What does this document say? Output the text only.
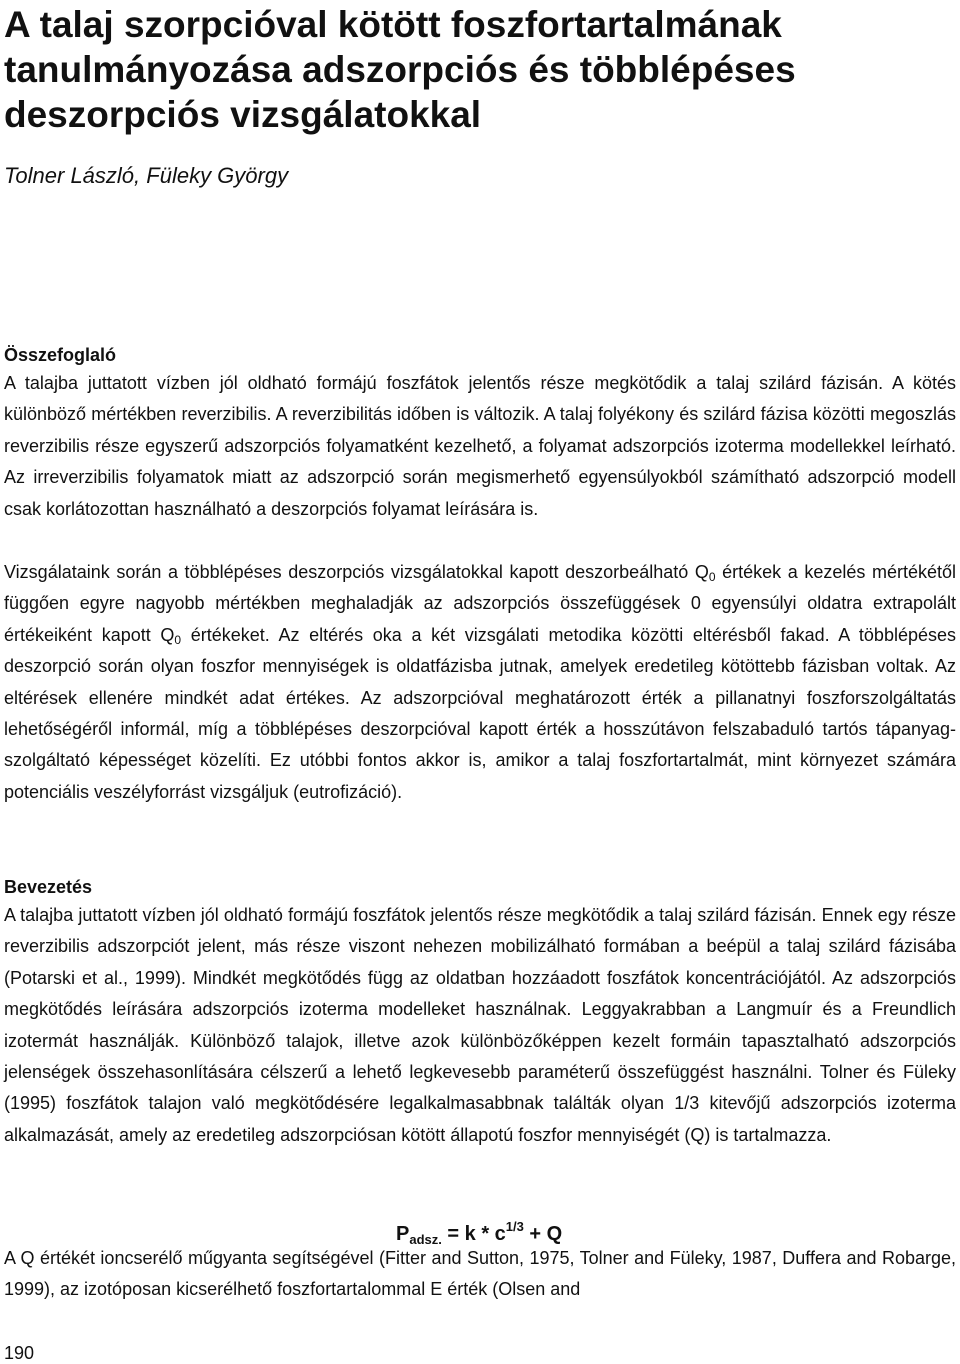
A talaj szorpcióval kötött foszfortartalmának tanulmányozása adszorpciós és többlépéses deszorpciós vizsgálatokkal
Tolner László, Füleky György
Összefoglaló

A talajba juttatott vízben jól oldható formájú foszfátok jelentős része megkötődik a talaj szilárd fázisán. A kötés különböző mértékben reverzibilis. A reverzibilitás időben is változik. A talaj folyékony és szilárd fázisa közötti megoszlás reverzibilis része egyszerű adszorpciós folyamatként kezelhető, a folyamat adszorpciós izoterma modellekkel leírható. Az irreverzibilis folyamatok miatt az adszorpció során megismerhető egyensúlyokból számítható adszorpció modell csak korlátozottan használható a deszorpciós folyamat leírására is.

Vizsgálataink során a többlépéses deszorpciós vizsgálatokkal kapott deszorbeálható $Q_0$ értékek a kezelés mértékétől függően egyre nagyobb mértékben meghaladják az adszorpciós összefüggések 0 egyensúlyi oldatra extrapolált értékeiként kapott $Q_0$ értékeket. Az eltérés oka a két vizsgálati metodika közötti eltérésből fakad. A többlépéses deszorpció során olyan foszfor mennyiségek is oldatfázisba jutnak, amelyek eredetileg kötöttebb fázisban voltak. Az eltérések ellenére mindkét adat értékes. Az adszorpcióval meghatározott érték a pillanatnyi foszforszolgáltatás lehetőségéről informál, míg a többlépéses deszorpcióval kapott érték a hosszútávon felszabaduló tartós tápanyag-szolgáltató képességet közelíti. Ez utóbbi fontos akkor is, amikor a talaj foszfortartalmát, mint környezet számára potenciális veszélyforrást vizsgáljuk (eutrofizáció).

Bevezetés

A talajba juttatott vízben jól oldható formájú foszfátok jelentős része megkötődik a talaj szilárd fázisán. Ennek egy része reverzibilis adszorpciót jelent, más része viszont nehezen mobilizálható formában a beépül a talaj szilárd fázisába (Potarski et al., 1999). Mindkét megkötődés függ az oldatban hozzáadott foszfátok koncentrációjától. Az adszorpciós megkötődés leírására adszorpciós izoterma modelleket használnak. Leggyakrabban a Langmuír és a Freundlich izotermát használják. Különböző talajok, illetve azok különbözőképpen kezelt formáin tapasztalható adszorpciós jelenségek összehasonlítására célszerű a lehető legkevesebb paraméterű összefüggést használni. Tolner és Füleky (1995) foszfátok talajon való megkötődésére legalkalmasabbnak találták olyan 1/3 kitevőjű adszorpciós izoterma alkalmazását, amely az eredetileg adszorpciósan kötött állapotú foszfor mennyiségét (Q) is tartalmazza.

$P_{adsz.} = k * c^{1/3} + Q$

A Q értékét ioncserélő műgyanta segítségével (Fitter and Sutton, 1975, Tolner and Füleky, 1987, Duffera and Robarge, 1999), az izotóposan kicserélhető foszfortartalommal E érték (Olsen and

190
